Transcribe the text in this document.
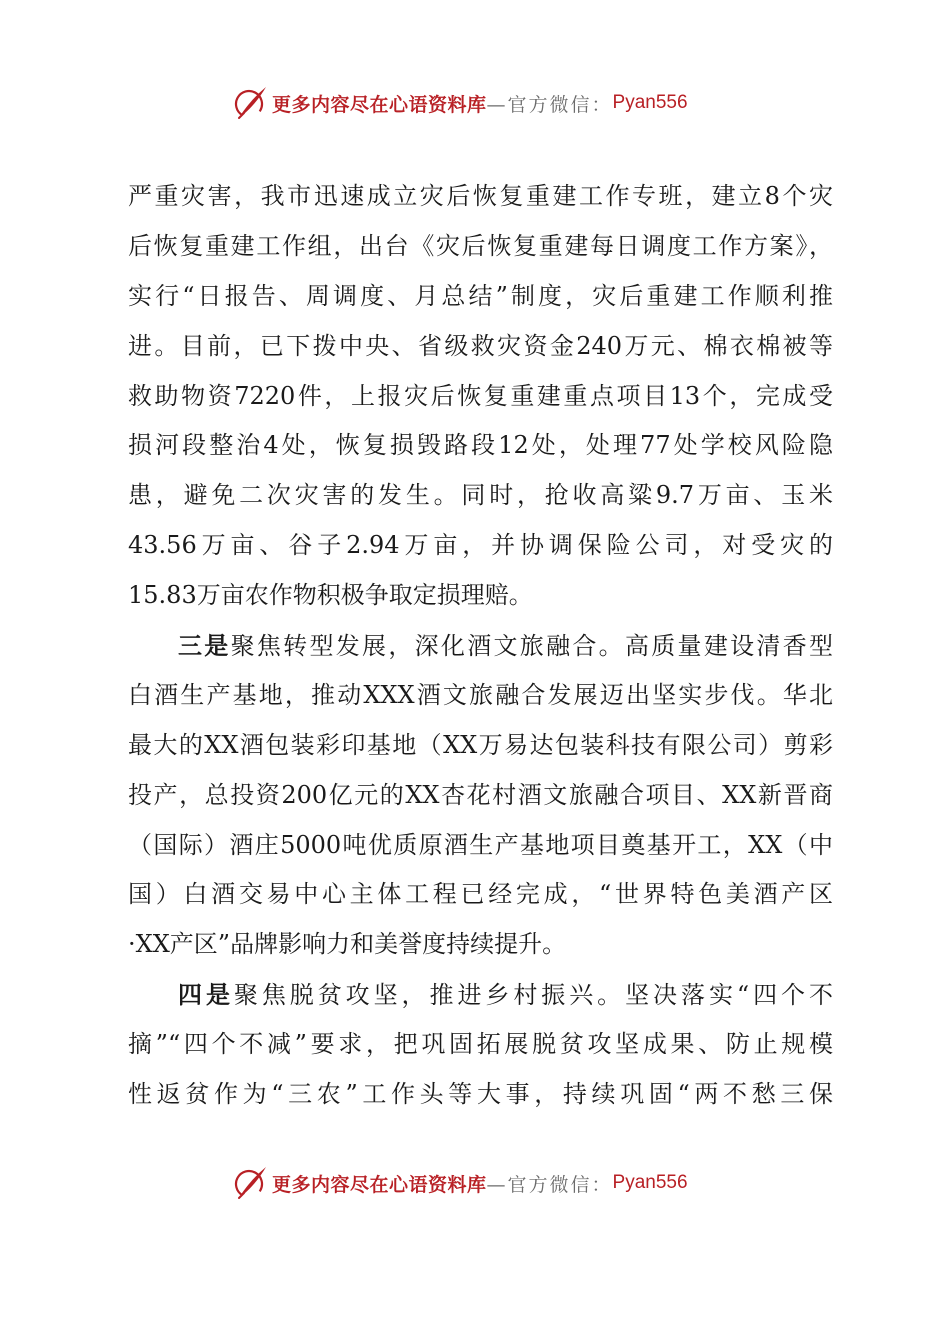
更多内容尽在心语资料库 —官方微信： Pyan556
严重灾害，我市迅速成立灾后恢复重建工作专班，建立8个灾
后恢复重建工作组，出台《灾后恢复重建每日调度工作方案》，
实行“日报告、周调度、月总结”制度，灾后重建工作顺利推
进。目前，已下拨中央、省级救灾资金240万元、棉衣棉被等
救助物资7220件，上报灾后恢复重建重点项目13个，完成受
损河段整治4处，恢复损毁路段12处，处理77处学校风险隐
患，避免二次灾害的发生。同时，抢收高粱9.7万亩、玉米
43.56万亩、谷子2.94万亩，并协调保险公司，对受灾的
15.83万亩农作物积极争取定损理赔。
三是聚焦转型发展，深化酒文旅融合。高质量建设清香型
白酒生产基地，推动XXX酒文旅融合发展迈出坚实步伐。华北
最大的XX酒包装彩印基地（XX万易达包装科技有限公司）剪彩
投产，总投资200亿元的XX杏花村酒文旅融合项目、XX新晋商
（国际）酒庄5000吨优质原酒生产基地项目奠基开工，XX（中
国）白酒交易中心主体工程已经完成，“世界特色美酒产区
·XX产区”品牌影响力和美誉度持续提升。
四是聚焦脱贫攻坚，推进乡村振兴。坚决落实“四个不
摘”“四个不减”要求，把巩固拓展脱贫攻坚成果、防止规模
性返贫作为“三农”工作头等大事，持续巩固“两不愁三保
更多内容尽在心语资料库 —官方微信： Pyan556
